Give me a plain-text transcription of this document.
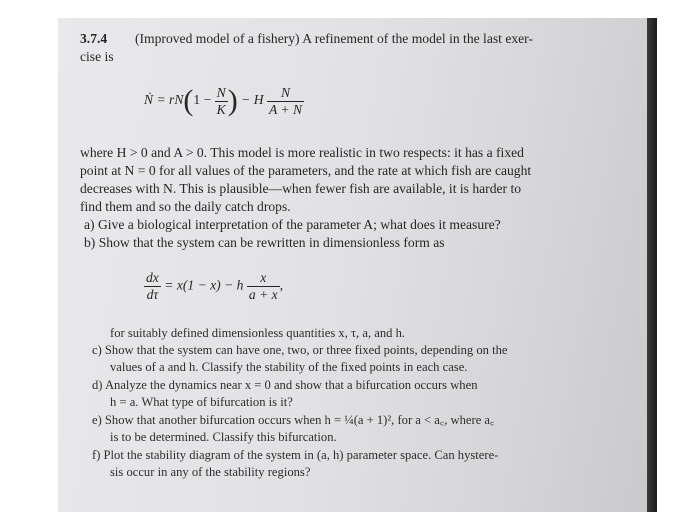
3.7.4 (Improved model of a fishery) A refinement of the model in the last exer-
cise is
Ṅ = $rN(1 - \frac{N}{K}$ ) − H $\frac{N}{A + N}$
where H > 0 and A > 0. This model is more realistic in two respects: it has a fixed
point at N = 0 for all values of the parameters, and the rate at which fish are caught
decreases with N. This is plausible—when fewer fish are available, it is harder to
find them and so the daily catch drops.
a) Give a biological interpretation of the parameter A; what does it measure?
b) Show that the system can be rewritten in dimensionless form as
$\frac{dx}{d\tau} = x(1 - x) - h \frac{x}{a + x}$ ,
for suitably defined dimensionless quantities x, τ, a, and h.
c) Show that the system can have one, two, or three fixed points, depending on the
values of a and h. Classify the stability of the fixed points in each case.
d) Analyze the dynamics near x = 0 and show that a bifurcation occurs when
h = a. What type of bifurcation is it?
e) Show that another bifurcation occurs when h = ¼(a + 1)², for a < a꜀, where a꜀
is to be determined. Classify this bifurcation.
f) Plot the stability diagram of the system in (a, h) parameter space. Can hystere-
sis occur in any of the stability regions?
